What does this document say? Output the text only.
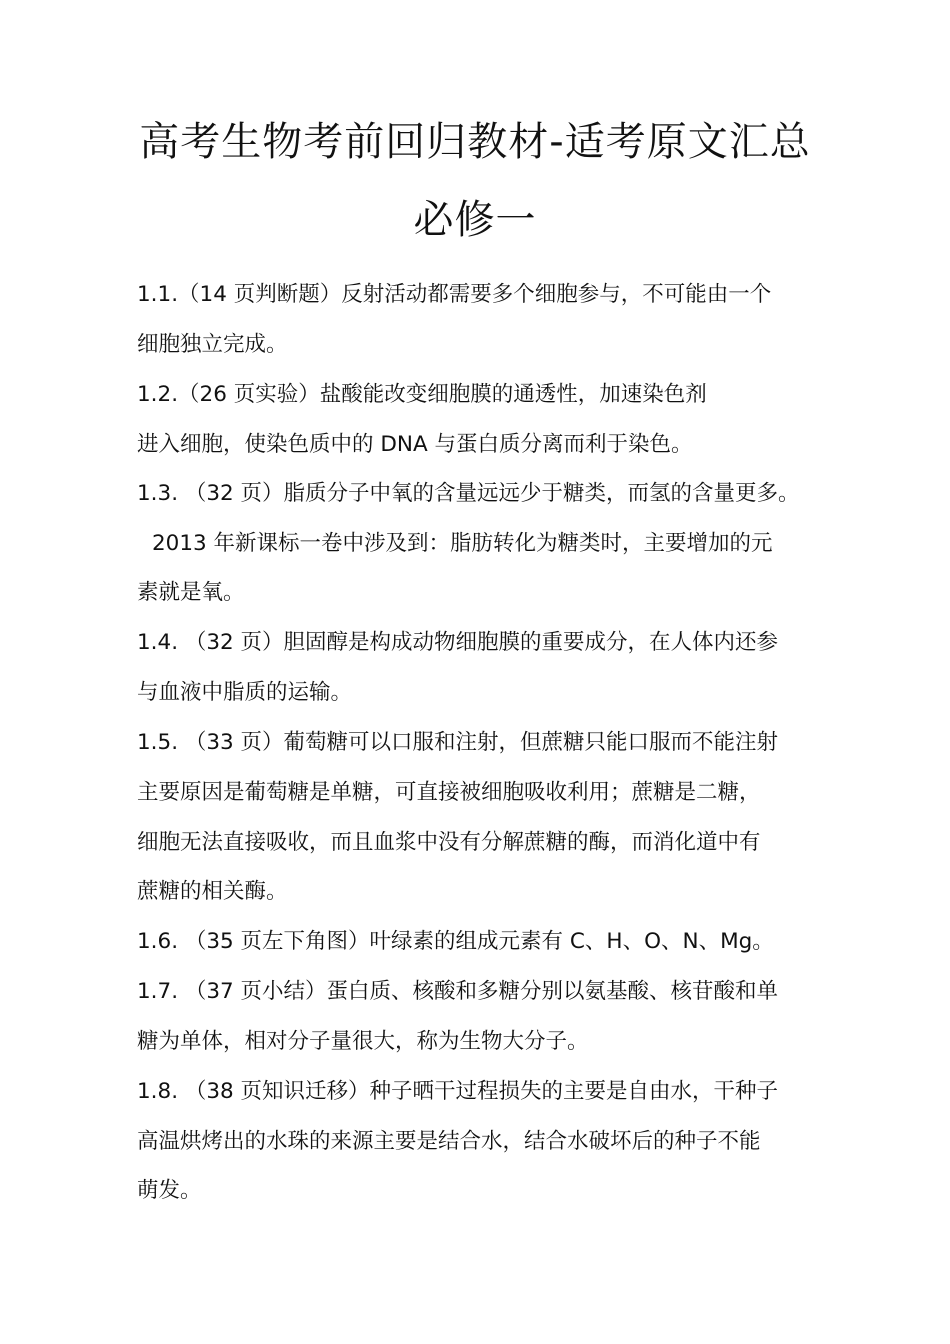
高考生物考前回归教材-适考原文汇总
必修一
1.1.（14 页判断题）反射活动都需要多个细胞参与，不可能由一个
细胞独立完成。
1.2.（26 页实验）盐酸能改变细胞膜的通透性，加速染色剂
进入细胞，使染色质中的 DNA 与蛋白质分离而利于染色。
1.3. （32 页）脂质分子中氧的含量远远少于糖类，而氢的含量更多。
2013 年新课标一卷中涉及到：脂肪转化为糖类时，主要增加的元
素就是氧。
1.4. （32 页）胆固醇是构成动物细胞膜的重要成分，在人体内还参
与血液中脂质的运输。
1.5. （33 页）葡萄糖可以口服和注射，但蔗糖只能口服而不能注射
主要原因是葡萄糖是单糖，可直接被细胞吸收利用；蔗糖是二糖，
细胞无法直接吸收，而且血浆中没有分解蔗糖的酶，而消化道中有
蔗糖的相关酶。
1.6. （35 页左下角图）叶绿素的组成元素有 C、H、O、N、Mg。
1.7. （37 页小结）蛋白质、核酸和多糖分别以氨基酸、核苷酸和单
糖为单体，相对分子量很大，称为生物大分子。
1.8. （38 页知识迁移）种子晒干过程损失的主要是自由水，干种子
高温烘烤出的水珠的来源主要是结合水，结合水破坏后的种子不能
萌发。
